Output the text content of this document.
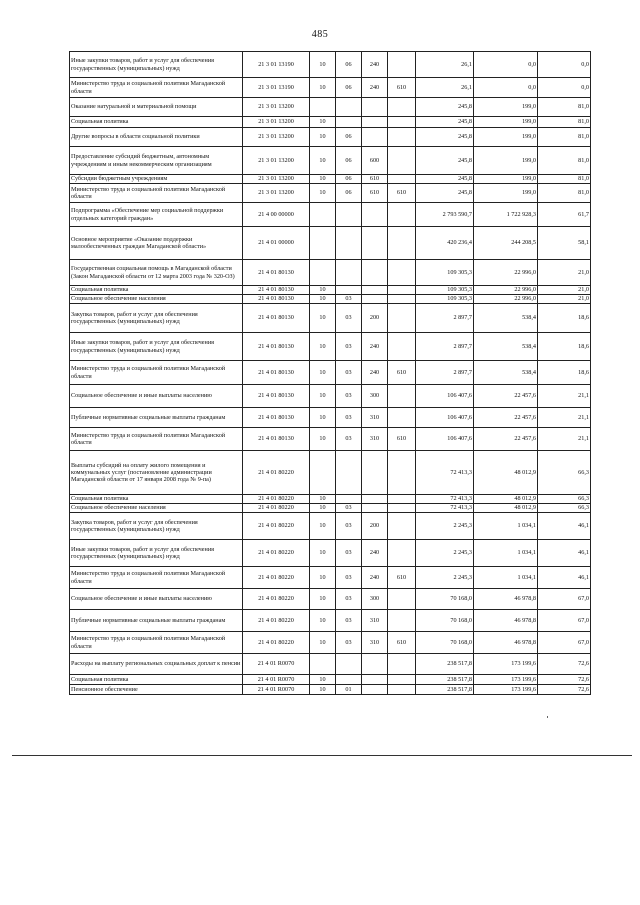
485
Иные закупки товаров, работ и услуг для обеспечения государственных (муниципальных) нужд	21 3 01 13190	10	06	240		26,1	0,0	0,0
Министерство труда и социальной политики Магаданской области	21 3 01 13190	10	06	240	610	26,1	0,0	0,0
Оказание натуральной и материальной помощи	21 3 01 13200					245,8	199,0	81,0
Социальная политика	21 3 01 13200	10				245,8	199,0	81,0
Другие вопросы в области социальной политики	21 3 01 13200	10	06			245,8	199,0	81,0
Предоставление субсидий бюджетным, автономным учреждениям и иным некоммерческим организациям	21 3 01 13200	10	06	600		245,8	199,0	81,0
Субсидии бюджетным учреждениям	21 3 01 13200	10	06	610		245,8	199,0	81,0
Министерство труда и социальной политики Магаданской области	21 3 01 13200	10	06	610	610	245,8	199,0	81,0
Подпрограмма «Обеспечение мер социальной поддержки отдельных категорий граждан»	21 4 00 00000					2 793 590,7	1 722 928,3	61,7
Основное мероприятие «Оказание поддержки малообеспеченных граждан Магаданской области»	21 4 01 00000					420 236,4	244 208,5	58,1
Государственная социальная помощь в Магаданской области (Закон Магаданской области от 12 марта 2003 года № 320-ОЗ)	21 4 01 80130					109 305,3	22 996,0	21,0
Социальная политика	21 4 01 80130	10				109 305,3	22 996,0	21,0
Социальное обеспечение населения	21 4 01 80130	10	03			109 305,3	22 996,0	21,0
Закупка товаров, работ и услуг для обеспечения государственных (муниципальных) нужд	21 4 01 80130	10	03	200		2 897,7	538,4	18,6
Иные закупки товаров, работ и услуг для обеспечения государственных (муниципальных) нужд	21 4 01 80130	10	03	240		2 897,7	538,4	18,6
Министерство труда и социальной политики Магаданской области	21 4 01 80130	10	03	240	610	2 897,7	538,4	18,6
Социальное обеспечение и иные выплаты населению	21 4 01 80130	10	03	300		106 407,6	22 457,6	21,1
Публичные нормативные социальные выплаты гражданам	21 4 01 80130	10	03	310		106 407,6	22 457,6	21,1
Министерство труда и социальной политики Магаданской области	21 4 01 80130	10	03	310	610	106 407,6	22 457,6	21,1
Выплаты субсидий на оплату жилого помещения и коммунальных услуг (постановление администрации Магаданской области от 17 января 2008 года № 9-па)	21 4 01 80220					72 413,3	48 012,9	66,3
Социальная политика	21 4 01 80220	10				72 413,3	48 012,9	66,3
Социальное обеспечение населения	21 4 01 80220	10	03			72 413,3	48 012,9	66,3
Закупка товаров, работ и услуг для обеспечения государственных (муниципальных) нужд	21 4 01 80220	10	03	200		2 245,3	1 034,1	46,1
Иные закупки товаров, работ и услуг для обеспечения государственных (муниципальных) нужд	21 4 01 80220	10	03	240		2 245,3	1 034,1	46,1
Министерство труда и социальной политики Магаданской области	21 4 01 80220	10	03	240	610	2 245,3	1 034,1	46,1
Социальное обеспечение и иные выплаты населению	21 4 01 80220	10	03	300		70 168,0	46 978,8	67,0
Публичные нормативные социальные выплаты гражданам	21 4 01 80220	10	03	310		70 168,0	46 978,8	67,0
Министерство труда и социальной политики Магаданской области	21 4 01 80220	10	03	310	610	70 168,0	46 978,8	67,0
Расходы на выплату региональных социальных доплат к пенсии	21 4 01 R0070					238 517,8	173 199,6	72,6
Социальная политика	21 4 01 R0070	10				238 517,8	173 199,6	72,6
Пенсионное обеспечение	21 4 01 R0070	10	01			238 517,8	173 199,6	72,6
